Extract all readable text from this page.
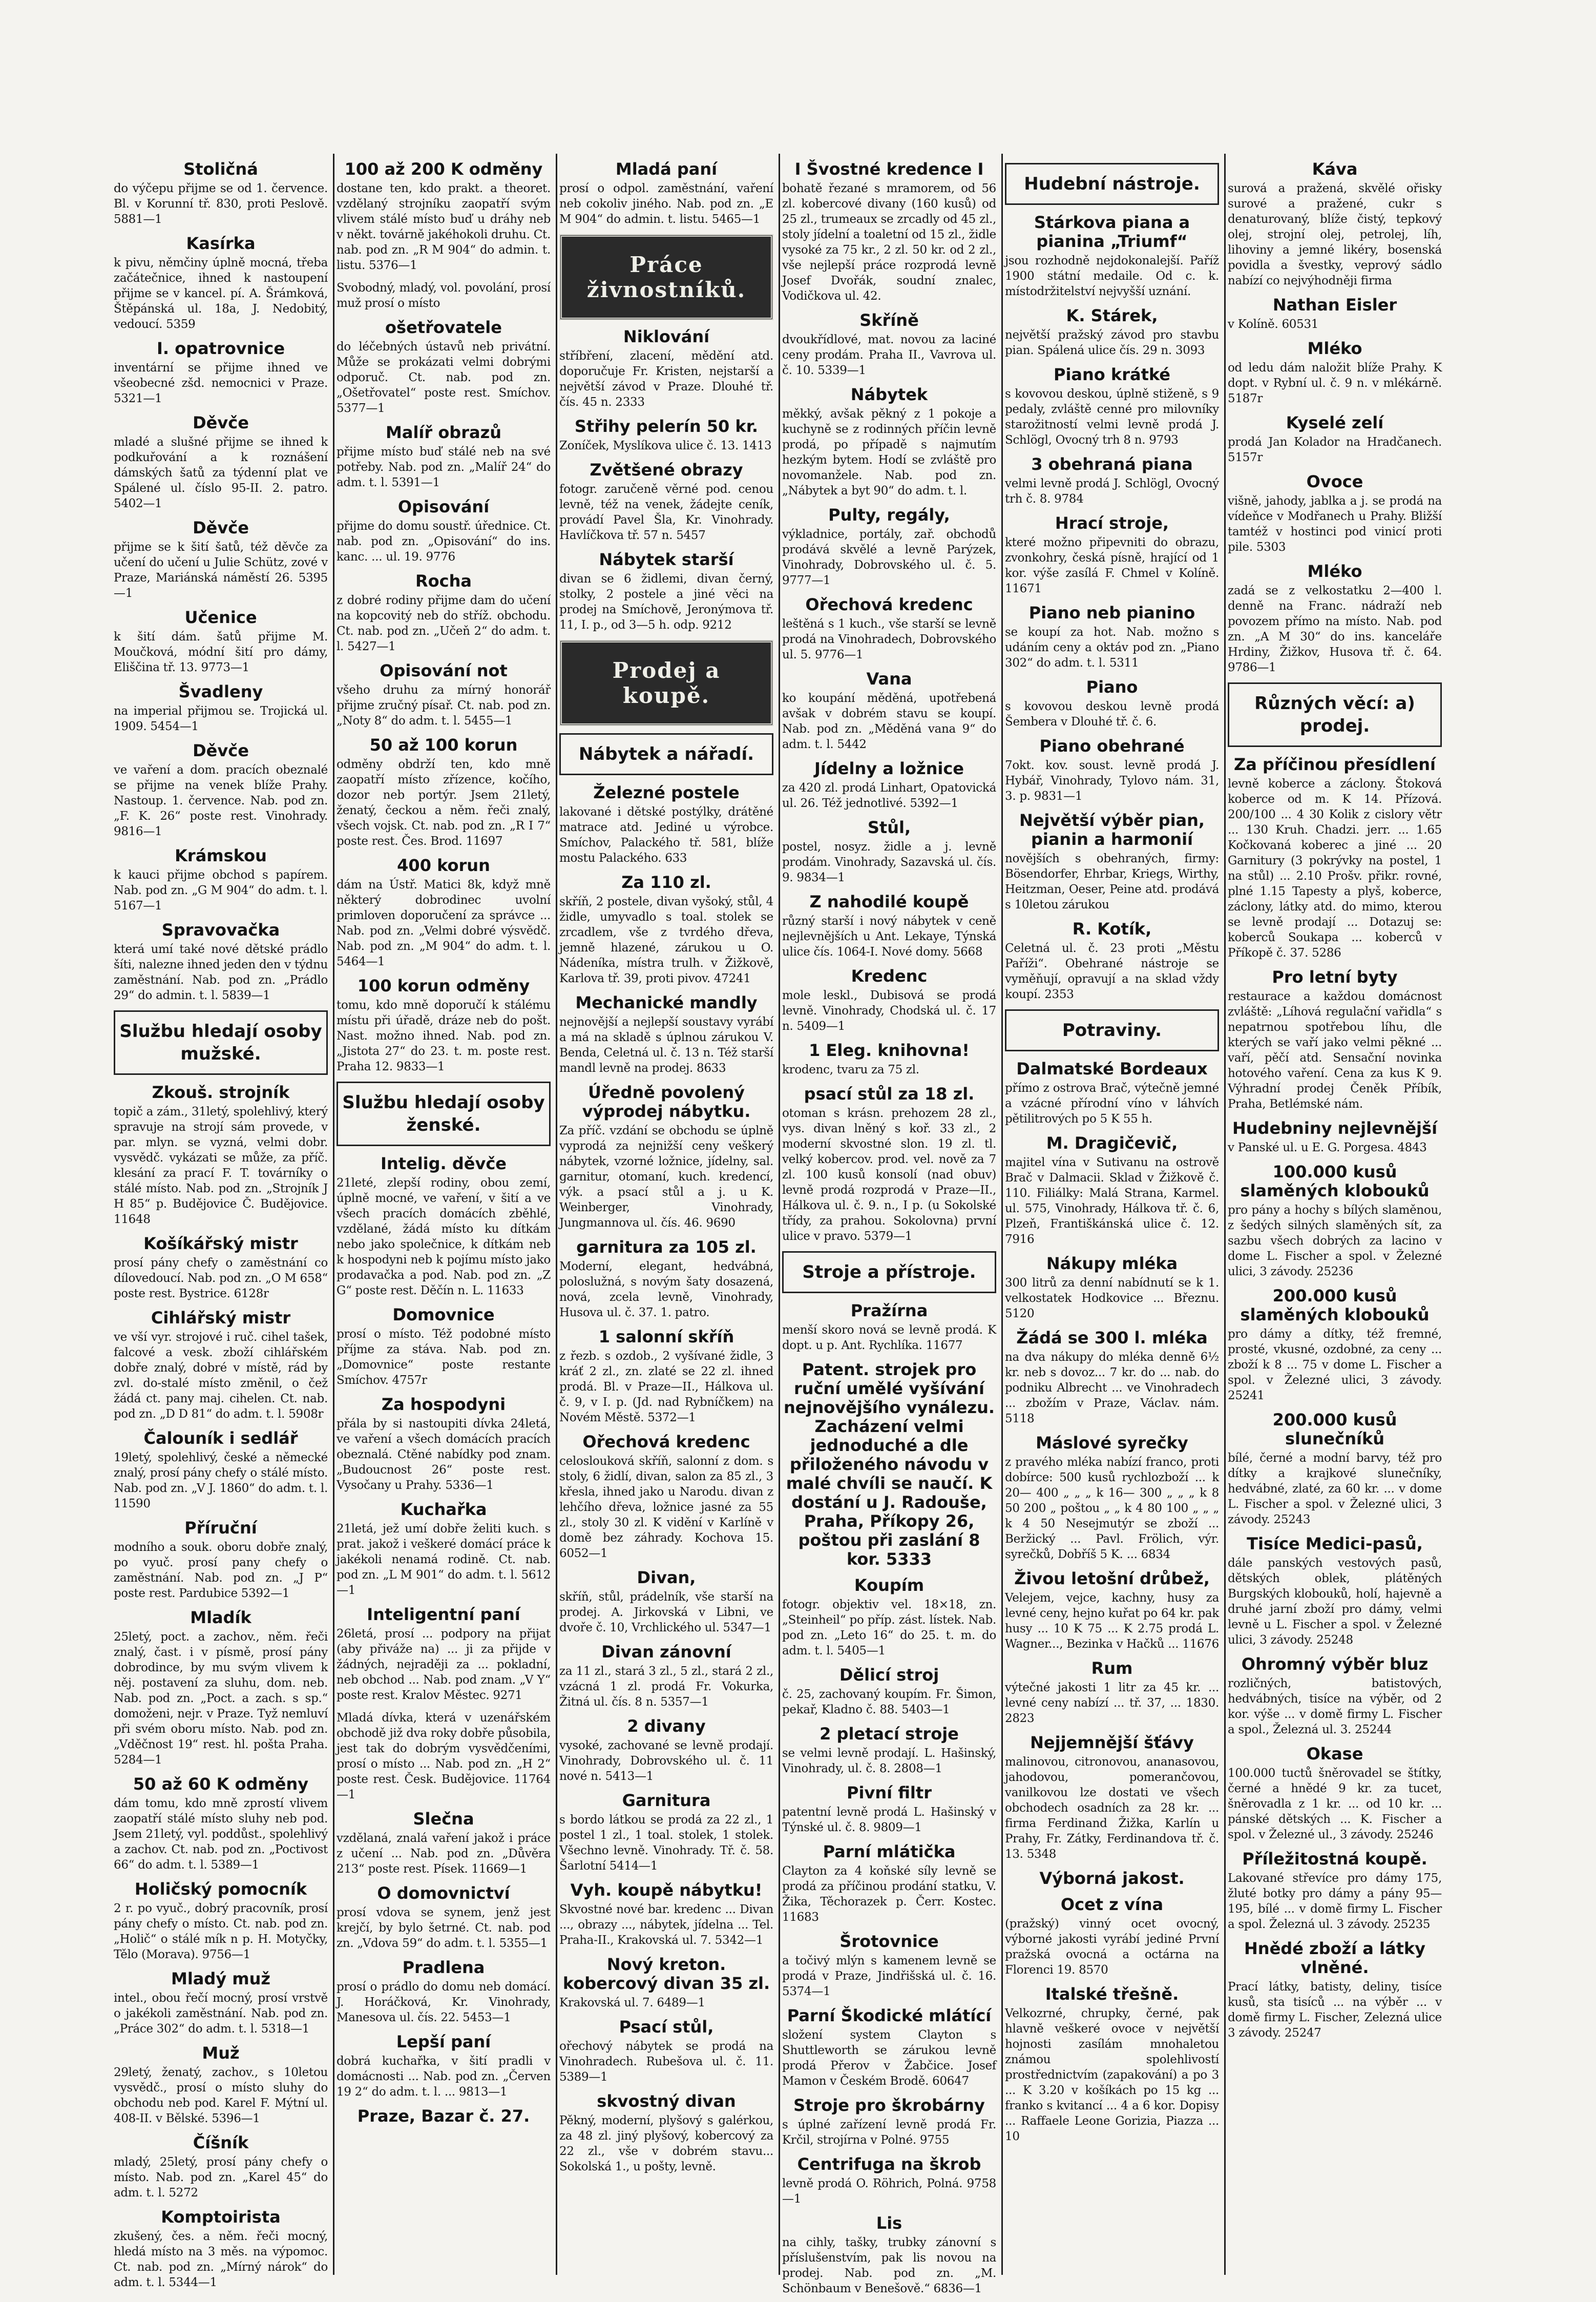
Stoličná

do výčepu přijme se od 1. července. Bl. v Korunní tř. 830, proti Peslově. 5881—1

Kasírka

k pivu, němčiny úplně mocná, třeba začátečnice, ihned k nastoupení přijme se v kancel. pí. A. Šrámková, Štěpánská ul. 18a, J. Nedobitý, vedoucí. 5359

I. opatrovnice

inventární se přijme ihned ve všeobecné zšd. nemocnici v Praze. 5321—1

Děvče

mladé a slušné přijme se ihned k podkuřování a k roznášení dámských šatů za týdenní plat ve Spálené ul. číslo 95-II. 2. patro. 5402—1

Děvče

přijme se k šití šatů, též děvče za učení do učení u Julie Schütz, zové v Praze, Mariánská náměstí 26. 5395—1

Učenice

k šití dám. šatů přijme M. Moučková, módní šití pro dámy, Eliščina tř. 13. 9773—1

Švadleny

na imperial přijmou se. Trojická ul. 1909. 5454—1

Děvče

ve vaření a dom. pracích obeznalé se přijme na venek blíže Prahy. Nastoup. 1. července. Nab. pod zn. „F. K. 26“ poste rest. Vinohrady. 9816—1

Krámskou

k kauci přijme obchod s papírem. Nab. pod zn. „G M 904“ do adm. t. l. 5167—1

Spravovačka

která umí také nové dětské prádlo šíti, nalezne ihned jeden den v týdnu zaměstnání. Nab. pod zn. „Prádlo 29“ do admin. t. l. 5839—1

Službu hledají osoby mužské.
Zkouš. strojník

topič a zám., 31letý, spolehlivý, který spravuje na strojí sám provede, v par. mlyn. se vyzná, velmi dobr. vysvědč. vykázati se může, za příč. klesání za prací F. T. továrníky o stálé místo. Nab. pod zn. „Strojník J H 85“ p. Budějovice Č. Budějovice. 11648

Košíkářský mistr

prosí pány chefy o zaměstnání co dílovedoucí. Nab. pod zn. „O M 658“ poste rest. Bystrice. 6128r

Cihlářský mistr

ve vší vyr. strojové i ruč. cihel tašek, falcové a vesk. zboží cihlářském dobře znalý, dobré v místě, rád by zvl. do-stalé místo změnil, o čež žádá ct. pany maj. cihelen. Ct. nab. pod zn. „D D 81“ do adm. t. l. 5908r

Čalouník i sedlář

19letý, spolehlivý, české a německé znalý, prosí pány chefy o stálé místo. Nab. pod zn. „V J. 1860“ do adm. t. l. 11590

Příruční

modního a souk. oboru dobře znalý, po vyuč. prosí pany chefy o zaměstnání. Nab. pod zn. „J P“ poste rest. Pardubice 5392—1

Mladík

25letý, poct. a zachov., něm. řeči znalý, čast. i v písmě, prosí pány dobrodince, by mu svým vlivem k něj. postavení za sluhu, dom. neb. Nab. pod zn. „Poct. a zach. s sp.“ domoženi, nejr. v Praze. Tyž nemluví při svém oboru místo. Nab. pod zn. „Vděčnost 19“ rest. hl. pošta Praha. 5284—1

50 až 60 K odměny

dám tomu, kdo mně zprostí vlivem zaopatří stálé místo sluhy neb pod. Jsem 21letý, vyl. poddůst., spolehlivý a zachov. Ct. nab. pod zn. „Poctivost 66“ do adm. t. l. 5389—1

Holičský pomocník

2 r. po vyuč., dobrý pracovník, prosí pány chefy o místo. Ct. nab. pod zn. „Holič“ o stálé mík n p. H. Motyčky, Tělo (Morava). 9756—1

Mladý muž

intel., obou řečí mocný, prosí vrstvě o jakékoli zaměstnání. Nab. pod zn. „Práce 302“ do adm. t. l. 5318—1

Muž

29letý, ženatý, zachov., s 10letou vysvědč., prosí o místo sluhy do obchodu neb pod. Karel F. Mýtní ul. 408-II. v Bělské. 5396—1

Číšník

mladý, 25letý, prosí pány chefy o místo. Nab. pod zn. „Karel 45“ do adm. t. l. 5272

Komptoirista

zkušený, čes. a něm. řeči mocný, hledá místo na 3 měs. na výpomoc. Ct. nab. pod zn. „Mírný nárok“ do adm. t. l. 5344—1

100 až 200 K odměny

dostane ten, kdo prakt. a theoret. vzdělaný strojníku zaopatří svým vlivem stálé místo buď u dráhy neb v někt. továrně jakéhokoli druhu. Ct. nab. pod zn. „R M 904“ do admin. t. listu. 5376—1

Svobodný, mladý, vol. povolání, prosí muž prosí o místo

ošetřovatele

do léčebných ústavů neb privátní. Může se prokázati velmi dobrými odporuč. Ct. nab. pod zn. „Ošetřovatel“ poste rest. Smíchov. 5377—1

Malíř obrazů

přijme místo buď stálé neb na své potřeby. Nab. pod zn. „Malíř 24“ do adm. t. l. 5391—1

Opisování

přijme do domu soustř. úřednice. Ct. nab. pod zn. „Opisování“ do ins. kanc. ... ul. 19. 9776

Rocha

z dobré rodiny přijme dam do učení na kopcovitý neb do stříž. obchodu. Ct. nab. pod zn. „Učeň 2“ do adm. t. l. 5427—1

Opisování not

všeho druhu za mírný honorář přijme zručný písař. Ct. nab. pod zn. „Noty 8“ do adm. t. l. 5455—1

50 až 100 korun

odměny obdrží ten, kdo mně zaopatří místo zřízence, kočího, dozor neb portýr. Jsem 21letý, ženatý, čeckou a něm. řeči znalý, všech vojsk. Ct. nab. pod zn. „R I 7“ poste rest. Čes. Brod. 11697

400 korun

dám na Ústř. Matici 8k, když mně některý dobrodinec uvolní primloven doporučení za správce ... Nab. pod zn. „Velmi dobré výsvědč. Nab. pod zn. „M 904“ do adm. t. l. 5464—1

100 korun odměny

tomu, kdo mně doporučí k stálému místu při úřadě, dráze neb do pošt. Nast. možno ihned. Nab. pod zn. „Jistota 27“ do 23. t. m. poste rest. Praha 12. 9833—1

Službu hledají osoby ženské.
Intelig. děvče

21leté, zlepší rodiny, obou zemí, úplně mocné, ve vaření, v šití a ve všech pracích domácích zběhlé, vzdělané, žádá místo ku dítkám nebo jako společnice, k dítkám neb k hospodyni neb k pojímu místo jako prodavačka a pod. Nab. pod zn. „Z G“ poste rest. Děčín n. L. 11633

Domovnice

prosí o místo. Též podobné místo příjme za stáva. Nab. pod zn. „Domovnice“ poste restante Smíchov. 4757r

Za hospodyni

přála by si nastoupiti dívka 24letá, ve vaření a všech domácích pracích obeznalá. Ctěné nabídky pod znam. „Budoucnost 26“ poste rest. Vysočany u Prahy. 5336—1

Kuchařka

21letá, jež umí dobře želiti kuch. s prat. jakož i veškeré domácí práce k jakékoli nenamá rodině. Ct. nab. pod zn. „L M 901“ do adm. t. l. 5612—1

Inteligentní paní

26letá, prosí ... podpory na přijat (aby přiváže na) ... ji za přijde v žádných, nejraději za ... pokladní, neb obchod ... Nab. pod znam. „V Y“ poste rest. Kralov Městec. 9271

Mladá dívka, která v uzenářském obchodě již dva roky dobře působila, jest tak do dobrým vysvědčeními, prosí o místo ... Nab. pod zn. „H 2“ poste rest. Česk. Budějovice. 11764—1

Slečna

vzdělaná, znalá vaření jakož i práce z učení ... Nab. pod zn. „Důvěra 213“ poste rest. Písek. 11669—1

O domovnictví

prosí vdova se synem, jenž jest krejčí, by bylo šetrné. Ct. nab. pod zn. „Vdova 59“ do adm. t. l. 5355—1

Pradlena

prosí o prádlo do domu neb domácí. J. Horáčková, Kr. Vinohrady, Manesova ul. čís. 22. 5453—1

Lepší paní

dobrá kuchařka, v šití pradli v domácnosti ... Nab. pod zn. „Červen 19 2“ do adm. t. l. ... 9813—1

Praze, Bazar č. 27.
Mladá paní

prosí o odpol. zaměstnání, vaření neb cokoliv jiného. Nab. pod zn. „E M 904“ do admin. t. listu. 5465—1

Práce živnostníků.
Niklování

stříbření, zlacení, mědění atd. doporučuje Fr. Kristen, nejstarší a největší závod v Praze. Dlouhé tř. čís. 45 n. 2333

Střihy pelerín 50 kr.

Zoníček, Myslíkova ulice č. 13. 1413

Zvětšené obrazy

fotogr. zaručeně věrné pod. cenou levně, též na venek, žádejte ceník, provádí Pavel Šla, Kr. Vinohrady. Havlíčkova tř. 57 n. 5457

Nábytek starší

divan se 6 židlemi, divan černý, stolky, 2 postele a jiné věci na prodej na Smíchově, Jeronýmova tř. 11, I. p., od 3—5 h. odp. 9212

Prodej a koupě.
Nábytek a nářadí.
Železné postele

lakované i dětské postýlky, drátěné matrace atd. Jediné u výrobce. Smíchov, Palackého tř. 581, blíže mostu Palackého. 633

Za 110 zl.

skříň, 2 postele, divan vyšoký, stůl, 4 židle, umyvadlo s toal. stolek se zrcadlem, vše z tvrdého dřeva, jemně hlazené, zárukou u O. Nádeníka, místra trulh. v Žižkově, Karlova tř. 39, proti pivov. 47241

Mechanické mandly

nejnovější a nejlepší soustavy vyrábí a má na skladě s úplnou zárukou V. Benda, Celetná ul. č. 13 n. Též starší mandl levně na prodej. 8633

Úředně povolený výprodej nábytku.

Za příč. vzdání se obchodu se úplně vyprodá za nejnižší ceny veškerý nábytek, vzorné ložnice, jídelny, sal. garnitur, otomaní, kuch. kredencí, výk. a psací stůl a j. u K. Weinberger, Vinohrady, Jungmannova ul. čís. 46. 9690

garnitura za 105 zl.

Moderní, elegant, hedvábná, poloslužná, s novým šaty dosazená, nová, zcela levně, Vinohrady, Husova ul. č. 37. 1. patro.

1 salonní skříň

z řezb. s ozdob., 2 vyšívané židle, 3 kráť 2 zl., zn. zlaté se 22 zl. ihned prodá. Bl. v Praze—II., Hálkova ul. č. 9, v I. p. (Jd. nad Rybníčkem) na Novém Městě. 5372—1

Ořechová kredenc

celoslouková skříň, salonní z dom. s stoly, 6 židlí, divan, salon za 85 zl., 3 křesla, ihned jako u Narodu. divan z lehčího dřeva, ložnice jasné za 55 zl., stoly 30 zl. K vidění v Karlíně v domě bez záhrady. Kochova 15. 6052—1

Divan,

skříň, stůl, prádelník, vše starší na prodej. A. Jirkovská v Libni, ve dvoře č. 10, Vrchlického ul. 5347—1

Divan zánovní

za 11 zl., stará 3 zl., 5 zl., stará 2 zl., vzácná 1 zl. prodá Fr. Vokurka, Žitná ul. čís. 8 n. 5357—1

2 divany

vysoké, zachované se levně prodají. Vinohrady, Dobrovského ul. č. 11 nové n. 5413—1

Garnitura

s bordo látkou se prodá za 22 zl., 1 postel 1 zl., 1 toal. stolek, 1 stolek. Všechno levně. Vinohrady. Tř. č. 58. Šarlotní 5414—1

Vyh. koupě nábytku!

Skvostné nové bar. kredenc ... Divan ..., obrazy ..., nábytek, jídelna ... Tel. Praha-II., Krakovská ul. 7. 5342—1

Nový kreton. kobercový divan 35 zl.

Krakovská ul. 7. 6489—1

Psací stůl,

ořechový nábytek se prodá na Vinohradech. Rubešova ul. č. 11. 5389—1

skvostný divan

Pěkný, moderní, plyšový s galérkou, za 48 zl. jiný plyšový, kobercový za 22 zl., vše v dobrém stavu... Sokolská 1., u pošty, levně.

I Švostné kredence I

bohatě řezané s mramorem, od 56 zl. kobercové divany (160 kusů) od 25 zl., trumeaux se zrcadly od 45 zl., stoly jídelní a toaletní od 15 zl., židle vysoké za 75 kr., 2 zl. 50 kr. od 2 zl., vše nejlepší práce rozprodá levně Josef Dvořák, soudní znalec, Vodičkova ul. 42.

Skříně

dvoukřídlové, mat. novou za laciné ceny prodám. Praha II., Vavrova ul. č. 10. 5339—1

Nábytek

měkký, avšak pěkný z 1 pokoje a kuchyně se z rodinných příčin levně prodá, po případě s najmutím hezkým bytem. Hodí se zvláště pro novomanžele. Nab. pod zn. „Nábytek a byt 90“ do adm. t. l.

Pulty, regály,

výkladnice, portály, zař. obchodů prodává skvělé a levně Parýzek, Vinohrady, Dobrovského ul. č. 5. 9777—1

Ořechová kredenc

leštěná s 1 kuch., vše starší se levně prodá na Vinohradech, Dobrovského ul. 5. 9776—1

Vana

ko koupání měděná, upotřebená avšak v dobrém stavu se koupí. Nab. pod zn. „Měděná vana 9“ do adm. t. l. 5442

Jídelny a ložnice

za 420 zl. prodá Linhart, Opatovická ul. 26. Též jednotlivé. 5392—1

Stůl,

postel, nosyz. židle a j. levně prodám. Vinohrady, Sazavská ul. čís. 9. 9834—1

Z nahodilé koupě

různý starší i nový nábytek v ceně nejlevnějších u Ant. Lekaye, Týnská ulice čís. 1064-I. Nové domy. 5668

Kredenc

mole leskl., Dubisová se prodá levně. Vinohrady, Chodská ul. č. 17 n. 5409—1

1 Eleg. knihovna!

krodenc, tvaru za 75 zl.

psací stůl za 18 zl.

otoman s krásn. prehozem 28 zl., vys. divan lněný s koř. 33 zl., 2 moderní skvostné slon. 19 zl. tl. velký kobercov. prod. vel. nově za 7 zl. 100 kusů konsolí (nad obuv) levně prodá rozprodá v Praze—II., Hálkova ul. č. 9. n., I p. (u Sokolské třídy, za prahou. Sokolovna) první ulice v pravo. 5379—1

Stroje a přístroje.
Pražírna

menší skoro nová se levně prodá. K dopt. u p. Ant. Rychlíka. 11677

Patent. strojek pro ruční umělé vyšívání nejnovějšího vynálezu. Zacházení velmi jednoduché a dle přiloženého návodu v malé chvíli se naučí. K dostání u J. Radouše, Praha, Příkopy 26, poštou při zaslání 8 kor. 5333
Koupím

fotogr. objektiv vel. 18×18, zn. „Steinheil“ po příp. zást. lístek. Nab. pod zn. „Leto 16“ do 25. t. m. do adm. t. l. 5405—1

Dělicí stroj

č. 25, zachovaný koupím. Fr. Šimon, pekař, Kladno č. 88. 5403—1

2 pletací stroje

se velmi levně prodají. L. Hašinský, Vinohrady, ul. č. 8. 2808—1

Pivní filtr

patentní levně prodá L. Hašinský v Týnské ul. č. 8. 9809—1

Parní mlátička

Clayton za 4 koňské síly levně se prodá za příčinou prodání statku, V. Žika, Těchorazek p. Čerr. Kostec. 11683

Šrotovnice

a točivý mlýn s kamenem levně se prodá v Praze, Jindřišská ul. č. 16. 5374—1

Parní Škodické mlátící

složení system Clayton s Shuttleworth se zárukou levně prodá Přerov v Žabčice. Josef Mamon v Českém Brodě. 60647

Stroje pro škrobárny

s úplné zařízení levně prodá Fr. Krčil, strojírna v Polné. 9755

Centrifuga na škrob

levně prodá O. Röhrich, Polná. 9758—1

Lis

na cihly, tašky, trubky zánovní s příslušenstvím, pak lis novou na prodej. Nab. pod zn. „M. Schönbaum v Benešově.“ 6836—1

Hudební nástroje.
Stárkova piana a pianina „Triumf“

jsou rozhodně nejdokonalejší. Paříž 1900 státní medaile. Od c. k. místodržitelství nejvyšší uznání.

K. Stárek,

největší pražský závod pro stavbu pian. Spálená ulice čís. 29 n. 3093

Piano krátké

s kovovou deskou, úplně stiženě, s 9 pedaly, zvláště cenné pro milovníky starožitností velmi levně prodá J. Schlögl, Ovocný trh 8 n. 9793

3 obehraná piana

velmi levně prodá J. Schlögl, Ovocný trh č. 8. 9784

Hrací stroje,

které možno připevniti do obrazu, zvonkohry, česká písně, hrající od 1 kor. výše zasílá F. Chmel v Kolíně. 11671

Piano neb pianino

se koupí za hot. Nab. možno s udáním ceny a oktáv pod zn. „Piano 302“ do adm. t. l. 5311

Piano

s kovovou deskou levně prodá Šembera v Dlouhé tř. č. 6.

Piano obehrané

7okt. kov. soust. levně prodá J. Hybář, Vinohrady, Tylovo nám. 31, 3. p. 9831—1

Největší výběr pian, pianin a harmonií

novějších s obehraných, firmy: Bösendorfer, Ehrbar, Kriegs, Wirthy, Heitzman, Oeser, Peine atd. prodává s 10letou zárukou

R. Kotík,

Celetná ul. č. 23 proti „Městu Paříži“. Obehrané nástroje se vyměňují, opravují a na sklad vždy koupí. 2353

Potraviny.
Dalmatské Bordeaux

přímo z ostrova Brač, výtečně jemné a vzácné přírodní víno v láhvích pětilitrových po 5 K 55 h.

M. Dragičevič,

majitel vína v Sutivanu na ostrově Brač v Dalmacii. Sklad v Žižkově č. 110. Filiálky: Malá Strana, Karmel. ul. 575, Vinohrady, Hálkova tř. č. 6, Plzeň, Františkánská ulice č. 12. 7916

Nákupy mléka

300 litrů za denní nabídnutí se k 1. velkostatek Hodkovice ... Březnu. 5120

Žádá se 300 l. mléka

na dva nákupy do mléka denně 6½ kr. neb s dovoz... 7 kr. do ... nab. do podniku Albrecht ... ve Vinohradech ... zbožím v Praze, Václav. nám. 5118

Máslové syrečky

z pravého mléka nabízí franco, proti dobírce: 500 kusů rychlozboží ... k 20— 400 „ „ „ k 16— 300 „ „ „ k 8 50 200 „ poštou „ „ k 4 80 100 „ „ „ k 4 50 Nesejmutýr se zboží ... Beržický ... Pavl. Frölich, výr. syrečků, Dobříš 5 K. ... 6834

Živou letošní drůbež,

Velejem, vejce, kachny, husy za levné ceny, hejno kuřat po 64 kr. pak husy ... 10 K 75 ... K 2.75 prodá L. Wagner..., Bezinka v Hačků ... 11676

Rum

výtečné jakosti 1 litr za 45 kr. ... levné ceny nabízí ... tř. 37, ... 1830. 2823

Nejjemnější šťávy

malinovou, citronovou, ananasovou, jahodovou, pomerančovou, vanilkovou lze dostati ve všech obchodech osadních za 28 kr. ... firma Ferdinand Žižka, Karlín u Prahy, Fr. Zátky, Ferdinandova tř. č. 13. 5348

Výborná jakost.
Ocet z vína

(pražský) vinný ocet ovocný, výborné jakosti vyrábí jediné První pražská ovocná a octárna na Florenci 19. 8570

Italské třešně.

Velkozrné, chrupky, černé, pak hlavně veškeré ovoce v největší hojnosti zasílám mnohaletou známou spolehlivostí prostřednictvím (zapakování) a po 3 ... K 3.20 v košíkách po 15 kg ... franko s kvitancí ... 4 a 6 kor. Dopisy ... Raffaele Leone Gorizia, Piazza ... 10

Káva

surová a pražená, skvělé ořisky surové a pražené, cukr s denaturovaný, blíže čistý, tepkový olej, strojní olej, petrolej, líh, lihoviny a jemné likéry, bosenská povidla a švestky, veprový sádlo nabízí co nejvýhodněji firma

Nathan Eisler

v Kolíně. 60531

Mléko

od ledu dám naložit blíže Prahy. K dopt. v Rybní ul. č. 9 n. v mlékárně. 5187r

Kyselé zelí

prodá Jan Kolador na Hradčanech. 5157r

Ovoce

višně, jahody, jablka a j. se prodá na vídeňce v Modřanech u Prahy. Bližší tamtéž v hostinci pod vinicí proti pile. 5303

Mléko

zadá se z velkostatku 2—400 l. denně na Franc. nádraží neb povozem přímo na místo. Nab. pod zn. „A M 30“ do ins. kanceláře Hrdiny, Žižkov, Husova tř. č. 64. 9786—1

Různých věcí: a) prodej.
Za příčinou přesídlení

levně koberce a záclony. Štoková koberce od m. K 14. Přízová. 200/100 ... 4 30 Kolik z cislory větr ... 130 Kruh. Chadzi. jerr. ... 1.65 Kočkovaná koberec a jiné ... 20 Garnitury (3 pokrývky na postel, 1 na stůl) ... 2.10 Prošv. přikr. rovné, plné 1.15 Tapesty a plyš, koberce, záclony, látky atd. do mimo, kterou se levně prodají ... Dotazuj se: koberců Soukapa ... koberců v Příkopě č. 37. 5286

Pro letní byty

restaurace a každou domácnost zvláště: „Líhová regulační vařidla“ s nepatrnou spotřebou líhu, dle kterých se vaří jako velmi pěkné ... vaří, pěčí atd. Sensační novinka hotového vaření. Cena za kus K 9. Výhradní prodej Čeněk Příbík, Praha, Betlémské nám.

Hudebniny nejlevnější

v Panské ul. u E. G. Porgesa. 4843

100.000 kusů slaměných klobouků

pro pány a hochy s bílých slaměnou, z šedých silných slaměných sít, za sazbu všech dobrých za lacino v dome L. Fischer a spol. v Železné ulici, 3 závody. 25236

200.000 kusů slaměných klobouků

pro dámy a dítky, též fremné, prosté, vkusné, ozdobné, za ceny ... zboží k 8 ... 75 v dome L. Fischer a spol. v Železné ulici, 3 závody. 25241

200.000 kusů slunečníků

bílé, černé a modní barvy, též pro dítky a krajkové slunečníky, hedvábné, zlaté, za 60 kr. ... v dome L. Fischer a spol. v Železné ulici, 3 závody. 25243

Tisíce Medici-pasů,

dále panských vestových pasů, dětských oblek, plátěných Burgských klobouků, holí, hajevně a druhé jarní zboží pro dámy, velmi levně u L. Fischer a spol. v Železné ulici, 3 závody. 25248

Ohromný výběr bluz

rozličných, batistových, hedvábných, tisíce na výběr, od 2 kor. výše ... v domě firmy L. Fischer a spol., Železná ul. 3. 25244

Okase

100.000 tuctů šněrovadel se štítky, černé a hnědé 9 kr. za tucet, šněrovadla z 1 kr. ... od 10 kr. ... pánské dětských ... K. Fischer a spol. v Železné ul., 3 závody. 25246

Příležitostná koupě.

Lakované střevíce pro dámy 175, žluté botky pro dámy a pány 95—195, bílé ... v domě firmy L. Fischer a spol. Železná ul. 3 závody. 25235

Hnědé zboží a látky vlněné.

Prací látky, batisty, deliny, tisíce kusů, sta tisíců ... na výběr ... v domě firmy L. Fischer, Zelezná ulice 3 závody. 25247
